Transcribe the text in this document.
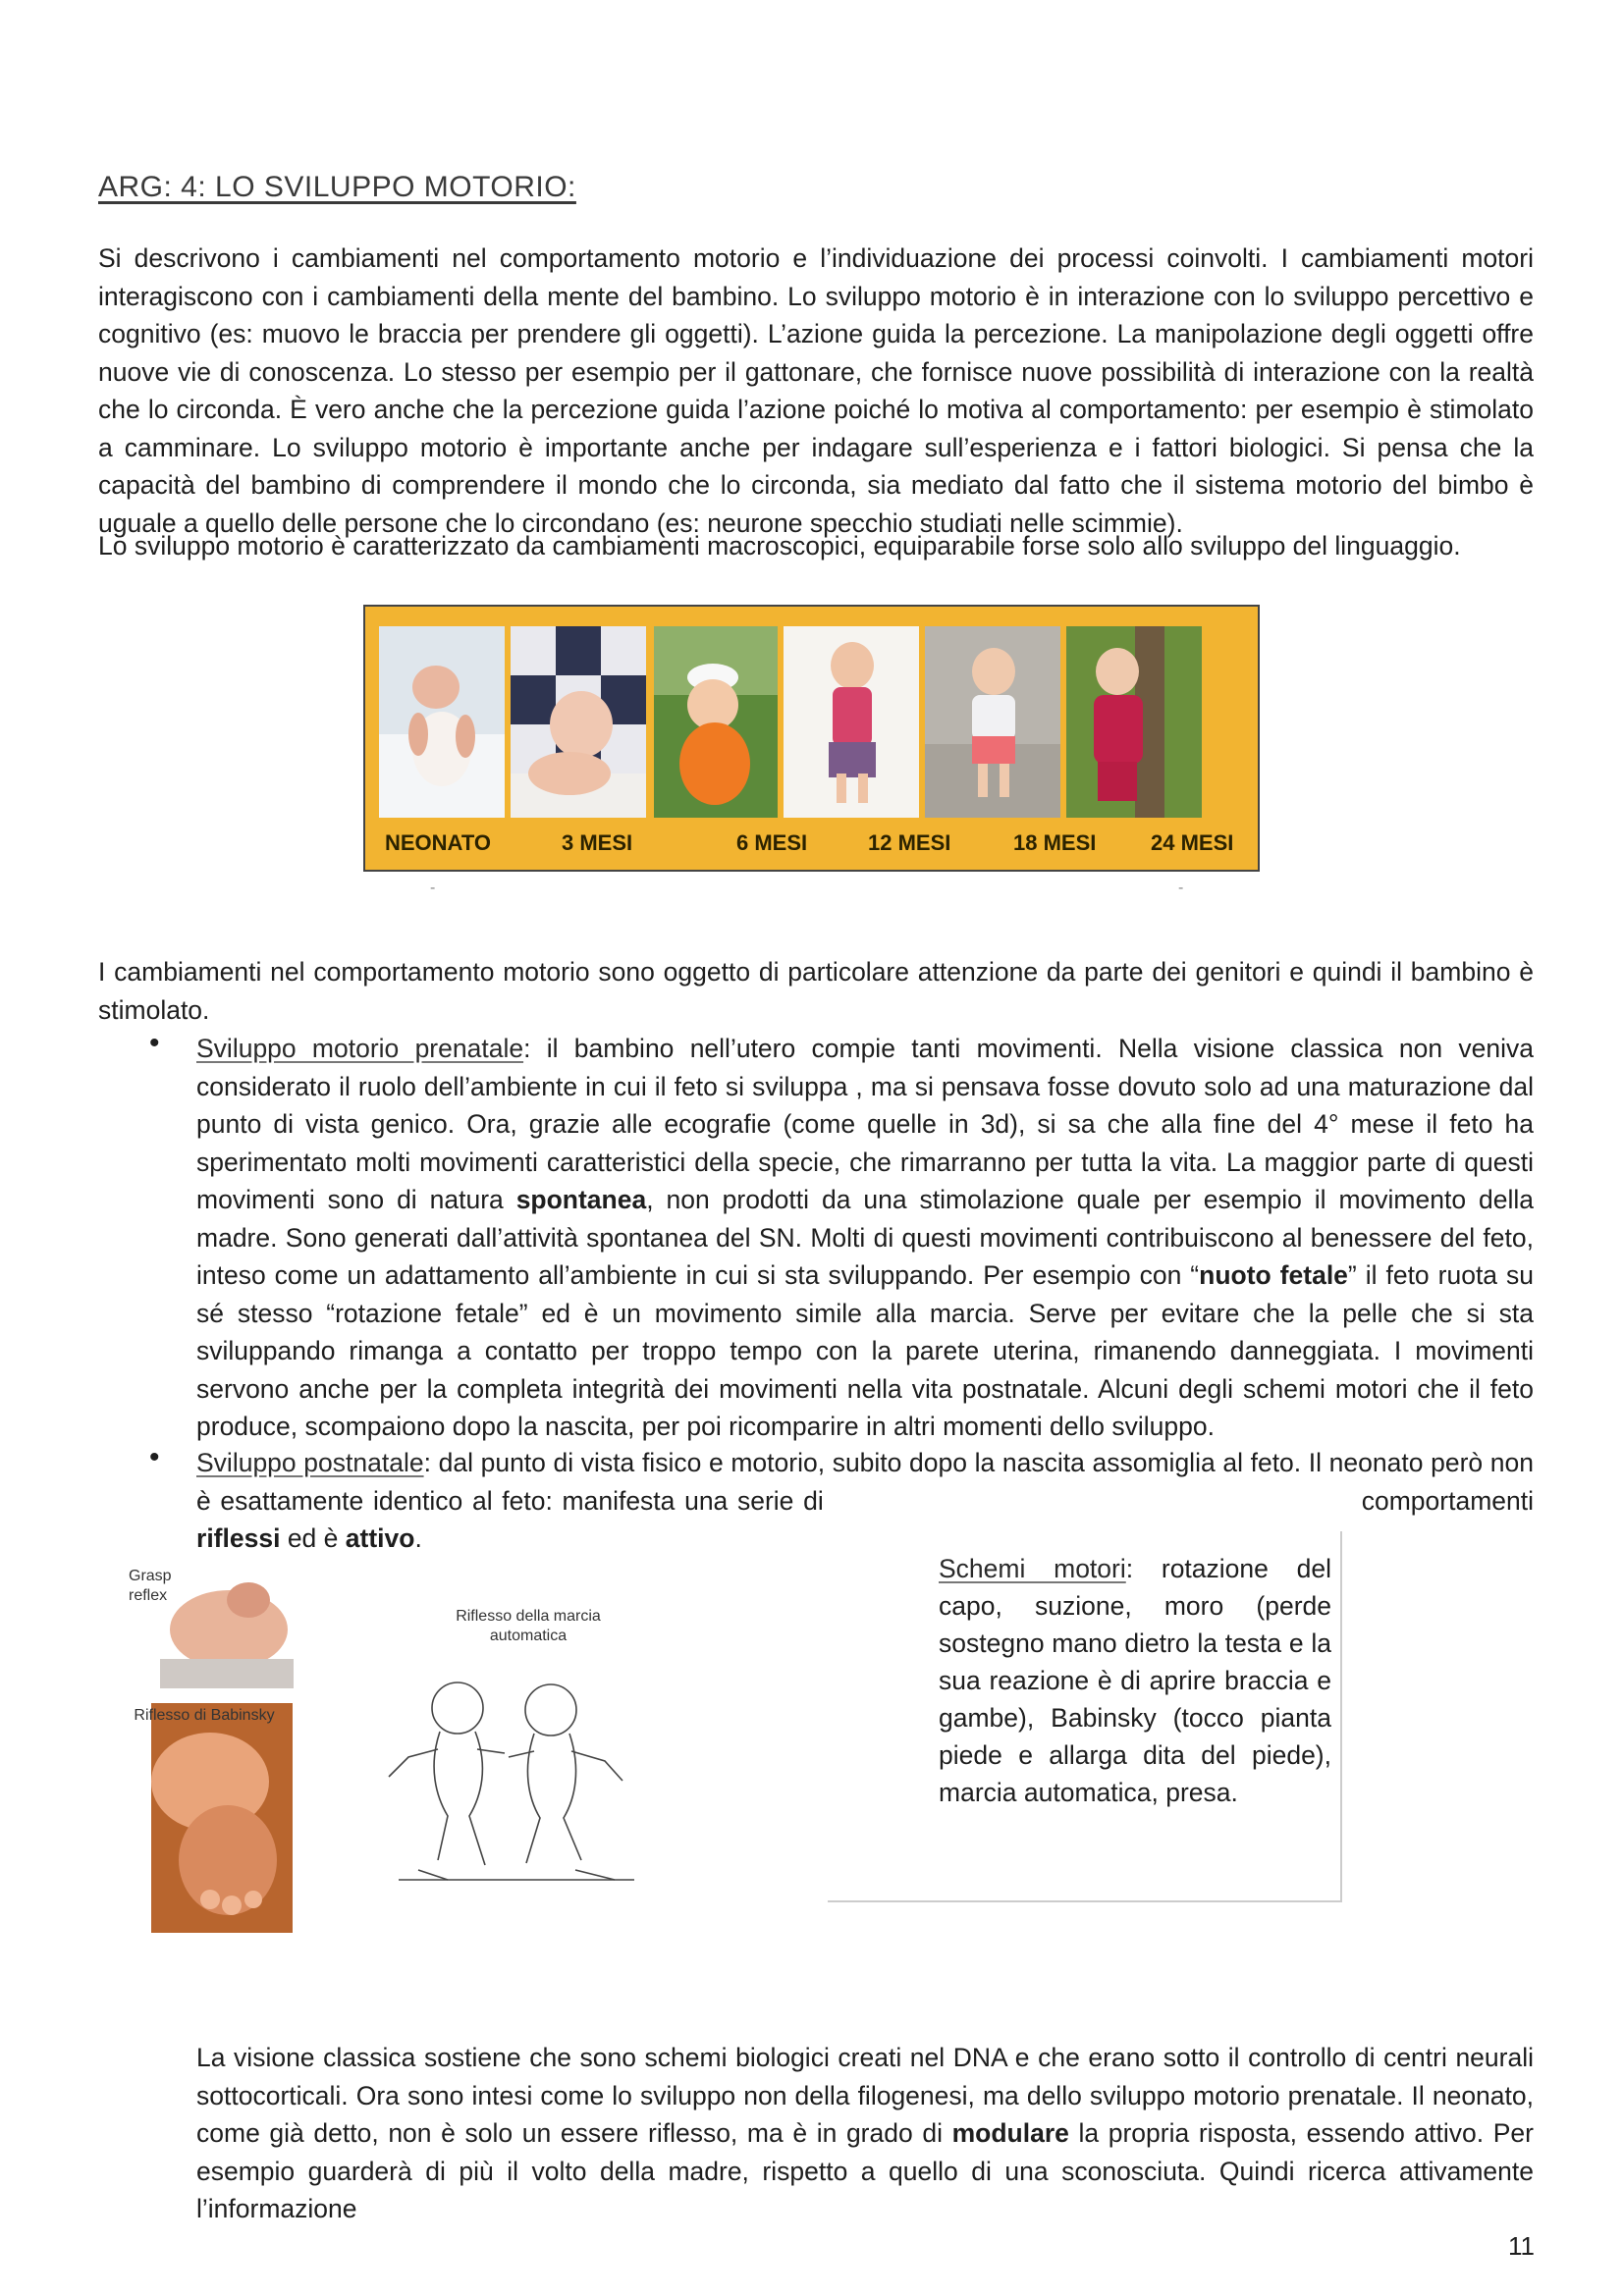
ARG: 4: LO SVILUPPO MOTORIO:
Si descrivono i cambiamenti nel comportamento motorio e l’individuazione dei processi coinvolti. I cambiamenti motori interagiscono con i cambiamenti della mente del bambino. Lo sviluppo motorio è in interazione con lo sviluppo percettivo e cognitivo (es: muovo le braccia per prendere gli oggetti). L’azione guida la percezione. La manipolazione degli oggetti offre nuove vie di conoscenza. Lo stesso per esempio per il gattonare, che fornisce nuove possibilità di interazione con la realtà che lo circonda. È vero anche che la percezione guida l’azione poiché lo motiva al comportamento: per esempio è stimolato a camminare. Lo sviluppo motorio è importante anche per indagare sull’esperienza e i fattori biologici. Si pensa che la capacità del bambino di comprendere il mondo che lo circonda, sia mediato dal fatto che il sistema motorio del bimbo è uguale a quello delle persone che lo circondano (es: neurone specchio studiati nelle scimmie).
Lo sviluppo motorio è caratterizzato da cambiamenti macroscopici, equiparabile forse solo allo sviluppo del linguaggio.
NEONATO	3 MESI	6 MESI	12 MESI	18 MESI	24 MESI
-	-
I cambiamenti nel comportamento motorio sono oggetto di particolare attenzione da parte dei genitori e quindi il bambino è stimolato.
• Sviluppo motorio prenatale: il bambino nell’utero compie tanti movimenti. Nella visione classica non veniva considerato il ruolo dell’ambiente in cui il feto si sviluppa , ma si pensava fosse dovuto solo ad una maturazione dal punto di vista genico. Ora, grazie alle ecografie (come quelle in 3d), si sa che alla fine del 4° mese il feto ha sperimentato molti movimenti caratteristici della specie, che rimarranno per tutta la vita. La maggior parte di questi movimenti sono di natura spontanea, non prodotti da una stimolazione quale per esempio il movimento della madre. Sono generati dall’attività spontanea del SN. Molti di questi movimenti contribuiscono al benessere del feto, inteso come un adattamento all’ambiente in cui si sta sviluppando. Per esempio con “nuoto fetale” il feto ruota su sé stesso “rotazione fetale” ed è un movimento simile alla marcia. Serve per evitare che la pelle che si sta sviluppando rimanga a contatto per troppo tempo con la parete uterina, rimanendo danneggiata. I movimenti servono anche per la completa integrità dei movimenti nella vita postnatale. Alcuni degli schemi motori che il feto produce, scompaiono dopo la nascita, per poi ricomparire in altri momenti dello sviluppo.
• Sviluppo postnatale: dal punto di vista fisico e motorio, subito dopo la nascita assomiglia al feto. Il neonato però non è esattamente identico al feto: manifesta una serie di	comportamenti riflessi ed è attivo.
Grasp reflex
Riflesso di Babinsky
Riflesso della marcia automatica
Schemi motori: rotazione del capo, suzione, moro (perde sostegno mano dietro la testa e la sua reazione è di aprire braccia e gambe), Babinsky (tocco pianta piede e allarga dita del piede), marcia automatica, presa.
La visione classica sostiene che sono schemi biologici creati nel DNA e che erano sotto il controllo di centri neurali sottocorticali. Ora sono intesi come lo sviluppo non della filogenesi, ma dello sviluppo motorio prenatale. Il neonato, come già detto, non è solo un essere riflesso, ma è in grado di modulare la propria risposta, essendo attivo. Per esempio guarderà di più il volto della madre, rispetto a quello di una sconosciuta. Quindi ricerca attivamente l’informazione
11
